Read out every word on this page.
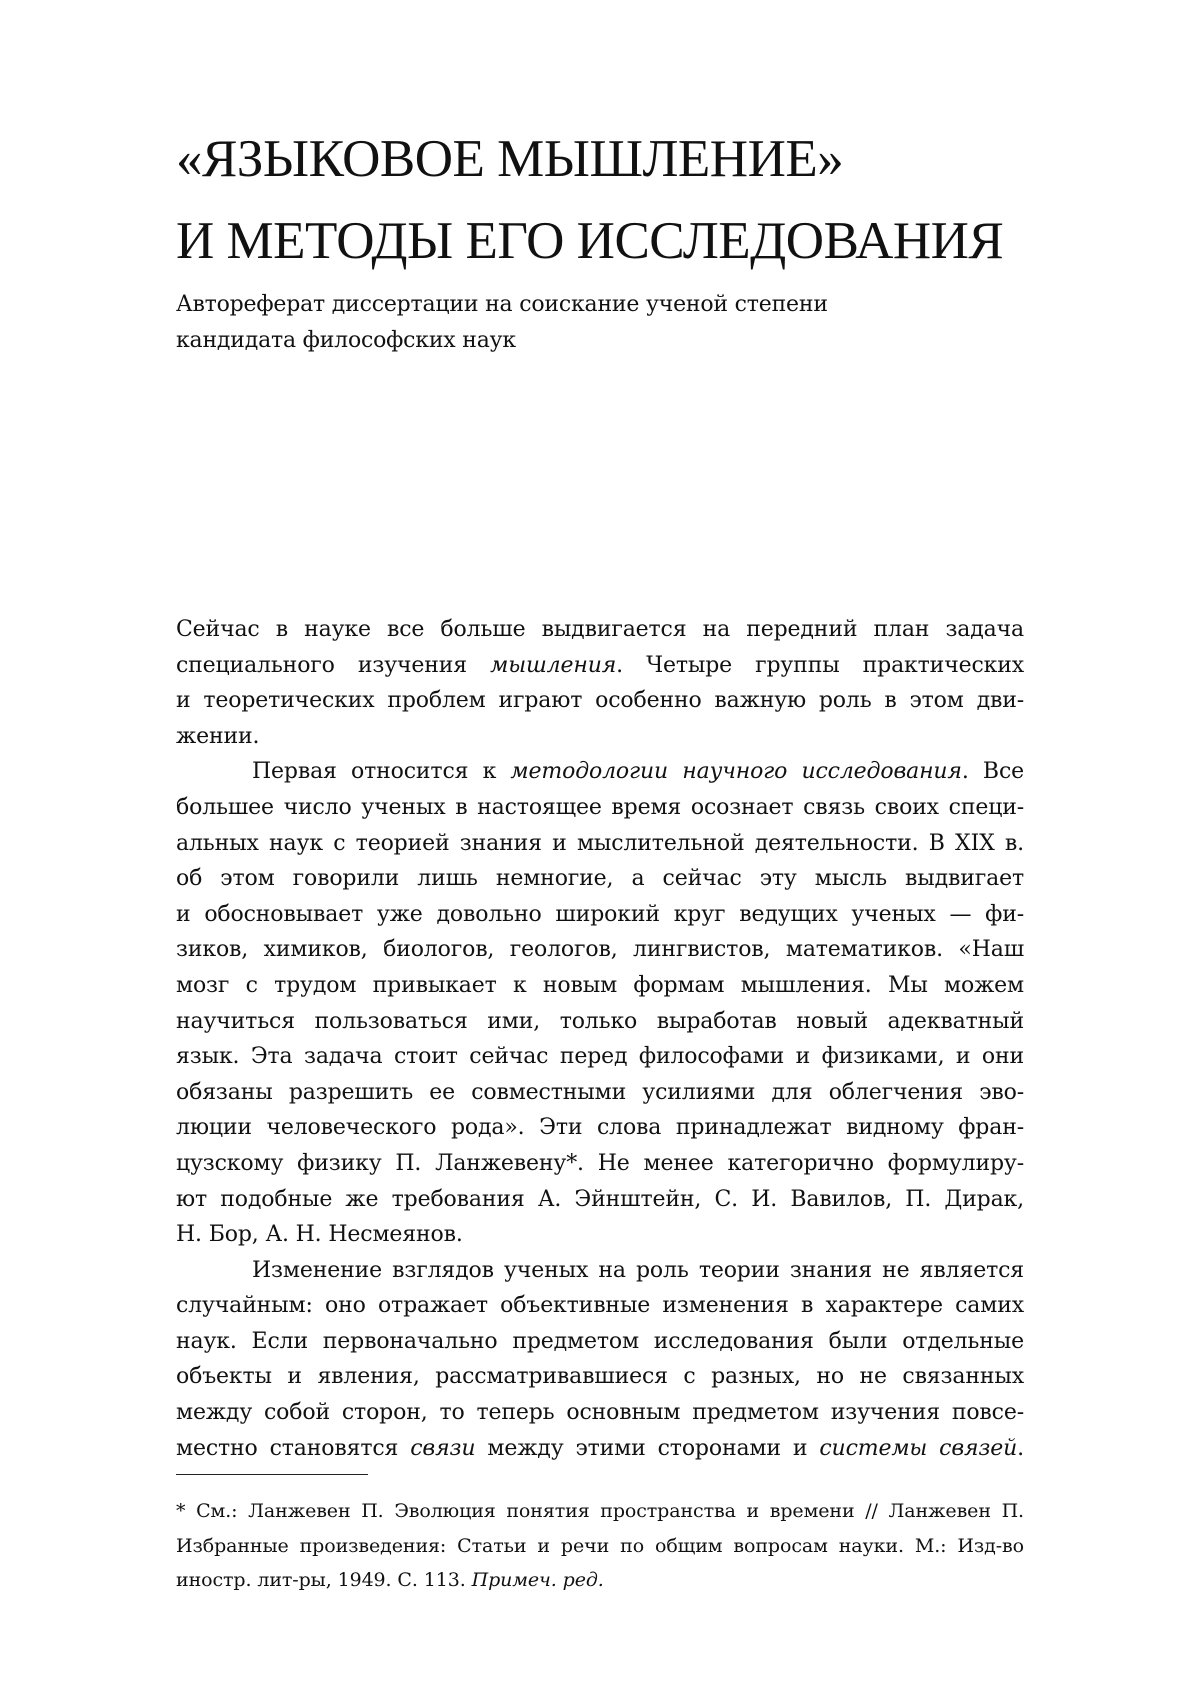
«ЯЗЫКОВОЕ МЫШЛЕНИЕ»
И МЕТОДЫ ЕГО ИССЛЕДОВАНИЯ
Автореферат диссертации на соискание ученой степени
кандидата философских наук

Сейчас в науке все больше выдвигается на передний план задача
специального изучения мышления. Четыре группы практических
и теоретических проблем играют особенно важную роль в этом дви-
жении.

Первая относится к методологии научного исследования. Все
большее число ученых в настоящее время осознает связь своих специ-
альных наук с теорией знания и мыслительной деятельности. В XIX в.
об этом говорили лишь немногие, а сейчас эту мысль выдвигает
и обосновывает уже довольно широкий круг ведущих ученых — фи-
зиков, химиков, биологов, геологов, лингвистов, математиков. «Наш
мозг с трудом привыкает к новым формам мышления. Мы можем
научиться пользоваться ими, только выработав новый адекватный
язык. Эта задача стоит сейчас перед философами и физиками, и они
обязаны разрешить ее совместными усилиями для облегчения эво-
люции человеческого рода». Эти слова принадлежат видному фран-
цузскому физику П. Ланжевену*. Не менее категорично формулиру-
ют подобные же требования А. Эйнштейн, С. И. Вавилов, П. Дирак,
Н. Бор, А. Н. Несмеянов.

Изменение взглядов ученых на роль теории знания не является
случайным: оно отражает объективные изменения в характере самих
наук. Если первоначально предметом исследования были отдельные
объекты и явления, рассматривавшиеся с разных, но не связанных
между собой сторон, то теперь основным предметом изучения повсе-
местно становятся связи между этими сторонами и системы связей.

* См.: Ланжевен П. Эволюция понятия пространства и времени // Ланжевен П.
Избранные произведения: Статьи и речи по общим вопросам науки. М.: Изд-во
иностр. лит-ры, 1949. С. 113. Примеч. ред.
